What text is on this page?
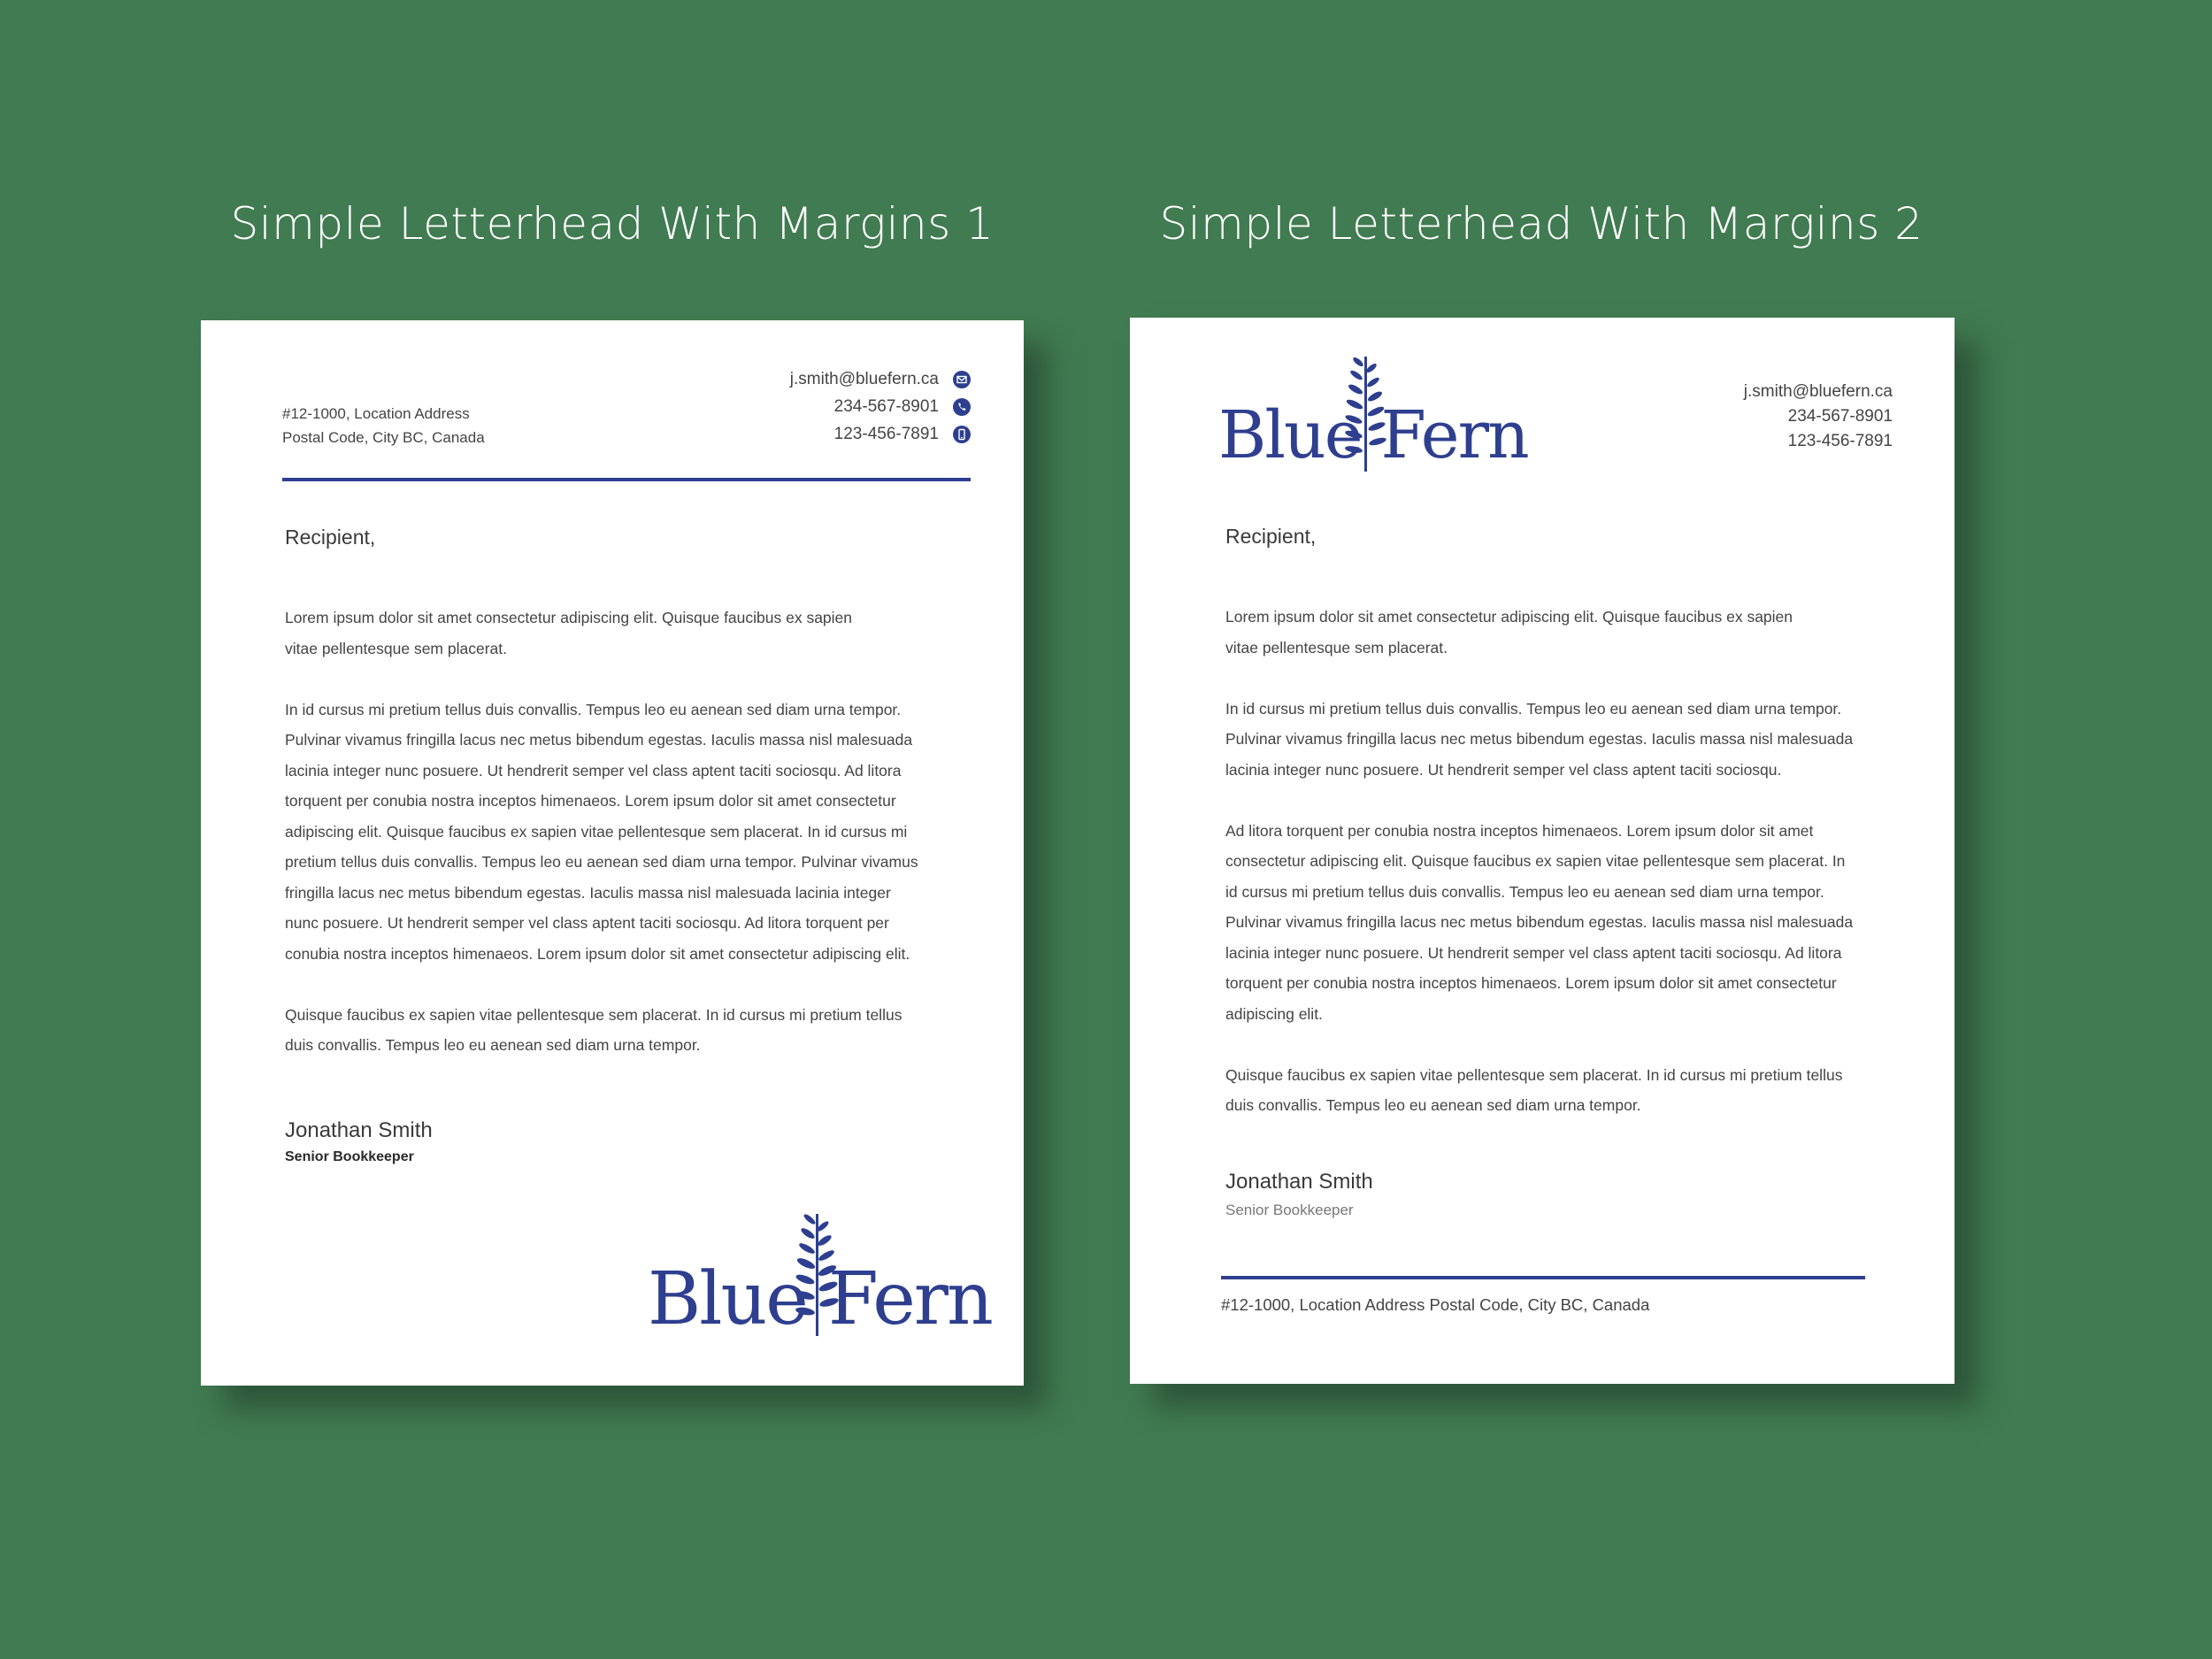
Simple Letterhead With Margins 1	Simple Letterhead With Margins 2
#12-1000, Location Address
Postal Code, City BC, Canada
j.smith@bluefern.ca
234-567-8901
123-456-7891
Recipient,

Lorem ipsum dolor sit amet consectetur adipiscing elit. Quisque faucibus ex sapien
vitae pellentesque sem placerat.

In id cursus mi pretium tellus duis convallis. Tempus leo eu aenean sed diam urna tempor.
Pulvinar vivamus fringilla lacus nec metus bibendum egestas. Iaculis massa nisl malesuada
lacinia integer nunc posuere. Ut hendrerit semper vel class aptent taciti sociosqu. Ad litora
torquent per conubia nostra inceptos himenaeos. Lorem ipsum dolor sit amet consectetur
adipiscing elit. Quisque faucibus ex sapien vitae pellentesque sem placerat. In id cursus mi
pretium tellus duis convallis. Tempus leo eu aenean sed diam urna tempor. Pulvinar vivamus
fringilla lacus nec metus bibendum egestas. Iaculis massa nisl malesuada lacinia integer
nunc posuere. Ut hendrerit semper vel class aptent taciti sociosqu. Ad litora torquent per
conubia nostra inceptos himenaeos. Lorem ipsum dolor sit amet consectetur adipiscing elit.

Quisque faucibus ex sapien vitae pellentesque sem placerat. In id cursus mi pretium tellus
duis convallis. Tempus leo eu aenean sed diam urna tempor.

Jonathan Smith
Senior Bookkeeper
Blue Fern
Blue Fern
j.smith@bluefern.ca
234-567-8901
123-456-7891
Recipient,

Lorem ipsum dolor sit amet consectetur adipiscing elit. Quisque faucibus ex sapien
vitae pellentesque sem placerat.

In id cursus mi pretium tellus duis convallis. Tempus leo eu aenean sed diam urna tempor.
Pulvinar vivamus fringilla lacus nec metus bibendum egestas. Iaculis massa nisl malesuada
lacinia integer nunc posuere. Ut hendrerit semper vel class aptent taciti sociosqu.

Ad litora torquent per conubia nostra inceptos himenaeos. Lorem ipsum dolor sit amet
consectetur adipiscing elit. Quisque faucibus ex sapien vitae pellentesque sem placerat. In
id cursus mi pretium tellus duis convallis. Tempus leo eu aenean sed diam urna tempor.
Pulvinar vivamus fringilla lacus nec metus bibendum egestas. Iaculis massa nisl malesuada
lacinia integer nunc posuere. Ut hendrerit semper vel class aptent taciti sociosqu. Ad litora
torquent per conubia nostra inceptos himenaeos. Lorem ipsum dolor sit amet consectetur
adipiscing elit.

Quisque faucibus ex sapien vitae pellentesque sem placerat. In id cursus mi pretium tellus
duis convallis. Tempus leo eu aenean sed diam urna tempor.

Jonathan Smith
Senior Bookkeeper
#12-1000, Location Address Postal Code, City BC, Canada
